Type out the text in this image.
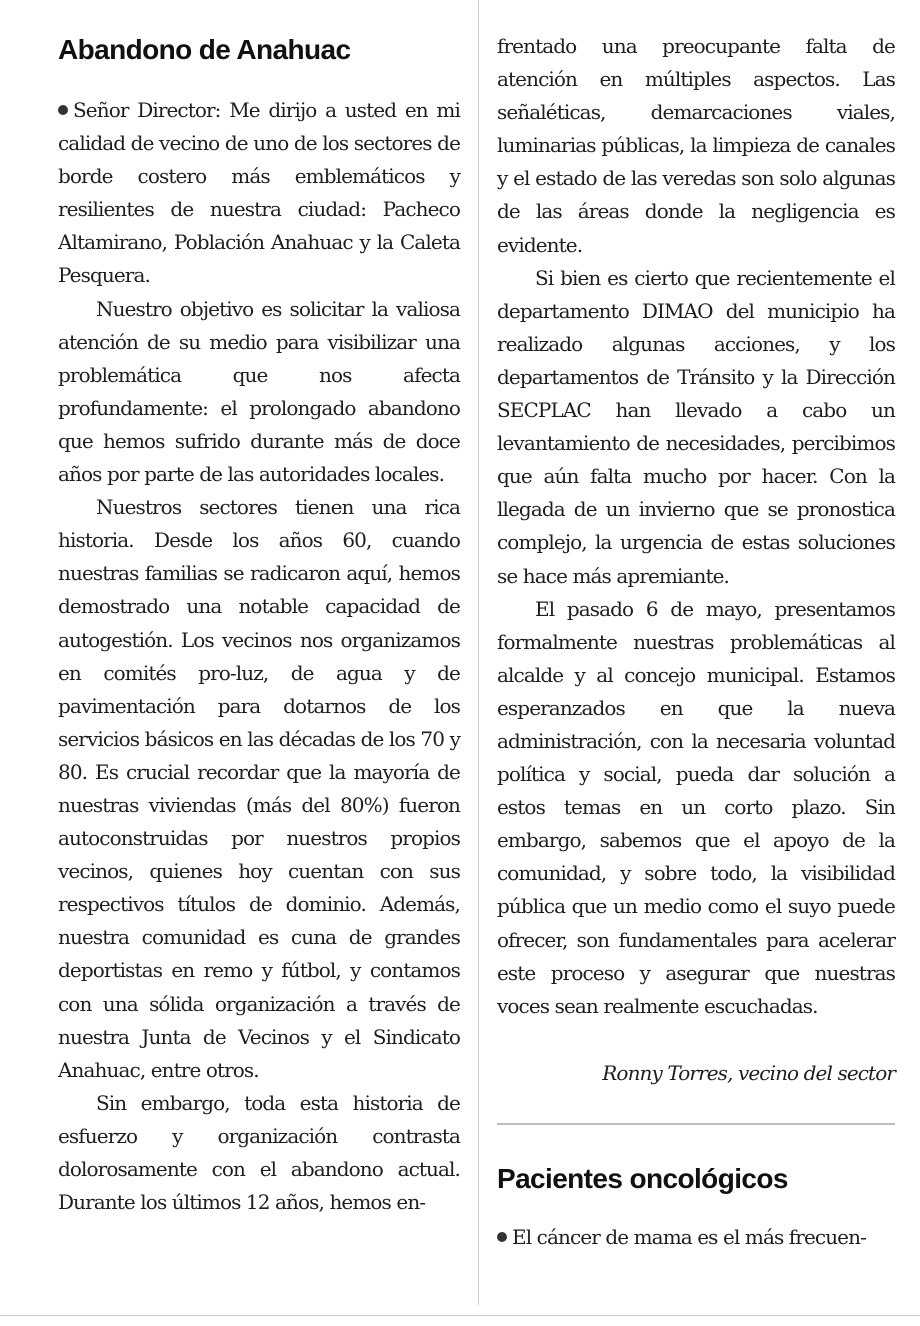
Abandono de Anahuac

Señor Director: Me dirijo a usted en mi calidad de vecino de uno de los sectores de borde costero más emblemáticos y resilientes de nuestra ciudad: Pacheco Altamirano, Población Anahuac y la Caleta Pesquera.

Nuestro objetivo es solicitar la valiosa atención de su medio para visibilizar una problemática que nos afecta profundamente: el prolongado abandono que hemos sufrido durante más de doce años por parte de las autoridades locales.

Nuestros sectores tienen una rica historia. Desde los años 60, cuando nuestras familias se radicaron aquí, hemos demostrado una notable capacidad de autogestión. Los vecinos nos organizamos en comités pro-luz, de agua y de pavimentación para dotarnos de los servicios básicos en las décadas de los 70 y 80. Es crucial recordar que la mayoría de nuestras viviendas (más del 80%) fueron autoconstruidas por nuestros propios vecinos, quienes hoy cuentan con sus respectivos títulos de dominio. Además, nuestra comunidad es cuna de grandes deportistas en remo y fútbol, y contamos con una sólida organización a través de nuestra Junta de Vecinos y el Sindicato Anahuac, entre otros.

Sin embargo, toda esta historia de esfuerzo y organización contrasta dolorosamente con el abandono actual. Durante los últimos 12 años, hemos en-

frentado una preocupante falta de atención en múltiples aspectos. Las señaléticas, demarcaciones viales, luminarias públicas, la limpieza de canales y el estado de las veredas son solo algunas de las áreas donde la negligencia es evidente.

Si bien es cierto que recientemente el departamento DIMAO del municipio ha realizado algunas acciones, y los departamentos de Tránsito y la Dirección SECPLAC han llevado a cabo un levantamiento de necesidades, percibimos que aún falta mucho por hacer. Con la llegada de un invierno que se pronostica complejo, la urgencia de estas soluciones se hace más apremiante.

El pasado 6 de mayo, presentamos formalmente nuestras problemáticas al alcalde y al concejo municipal. Estamos esperanzados en que la nueva administración, con la necesaria voluntad política y social, pueda dar solución a estos temas en un corto plazo. Sin embargo, sabemos que el apoyo de la comunidad, y sobre todo, la visibilidad pública que un medio como el suyo puede ofrecer, son fundamentales para acelerar este proceso y asegurar que nuestras voces sean realmente escuchadas.

Ronny Torres, vecino del sector
Pacientes oncológicos

El cáncer de mama es el más frecuen-
